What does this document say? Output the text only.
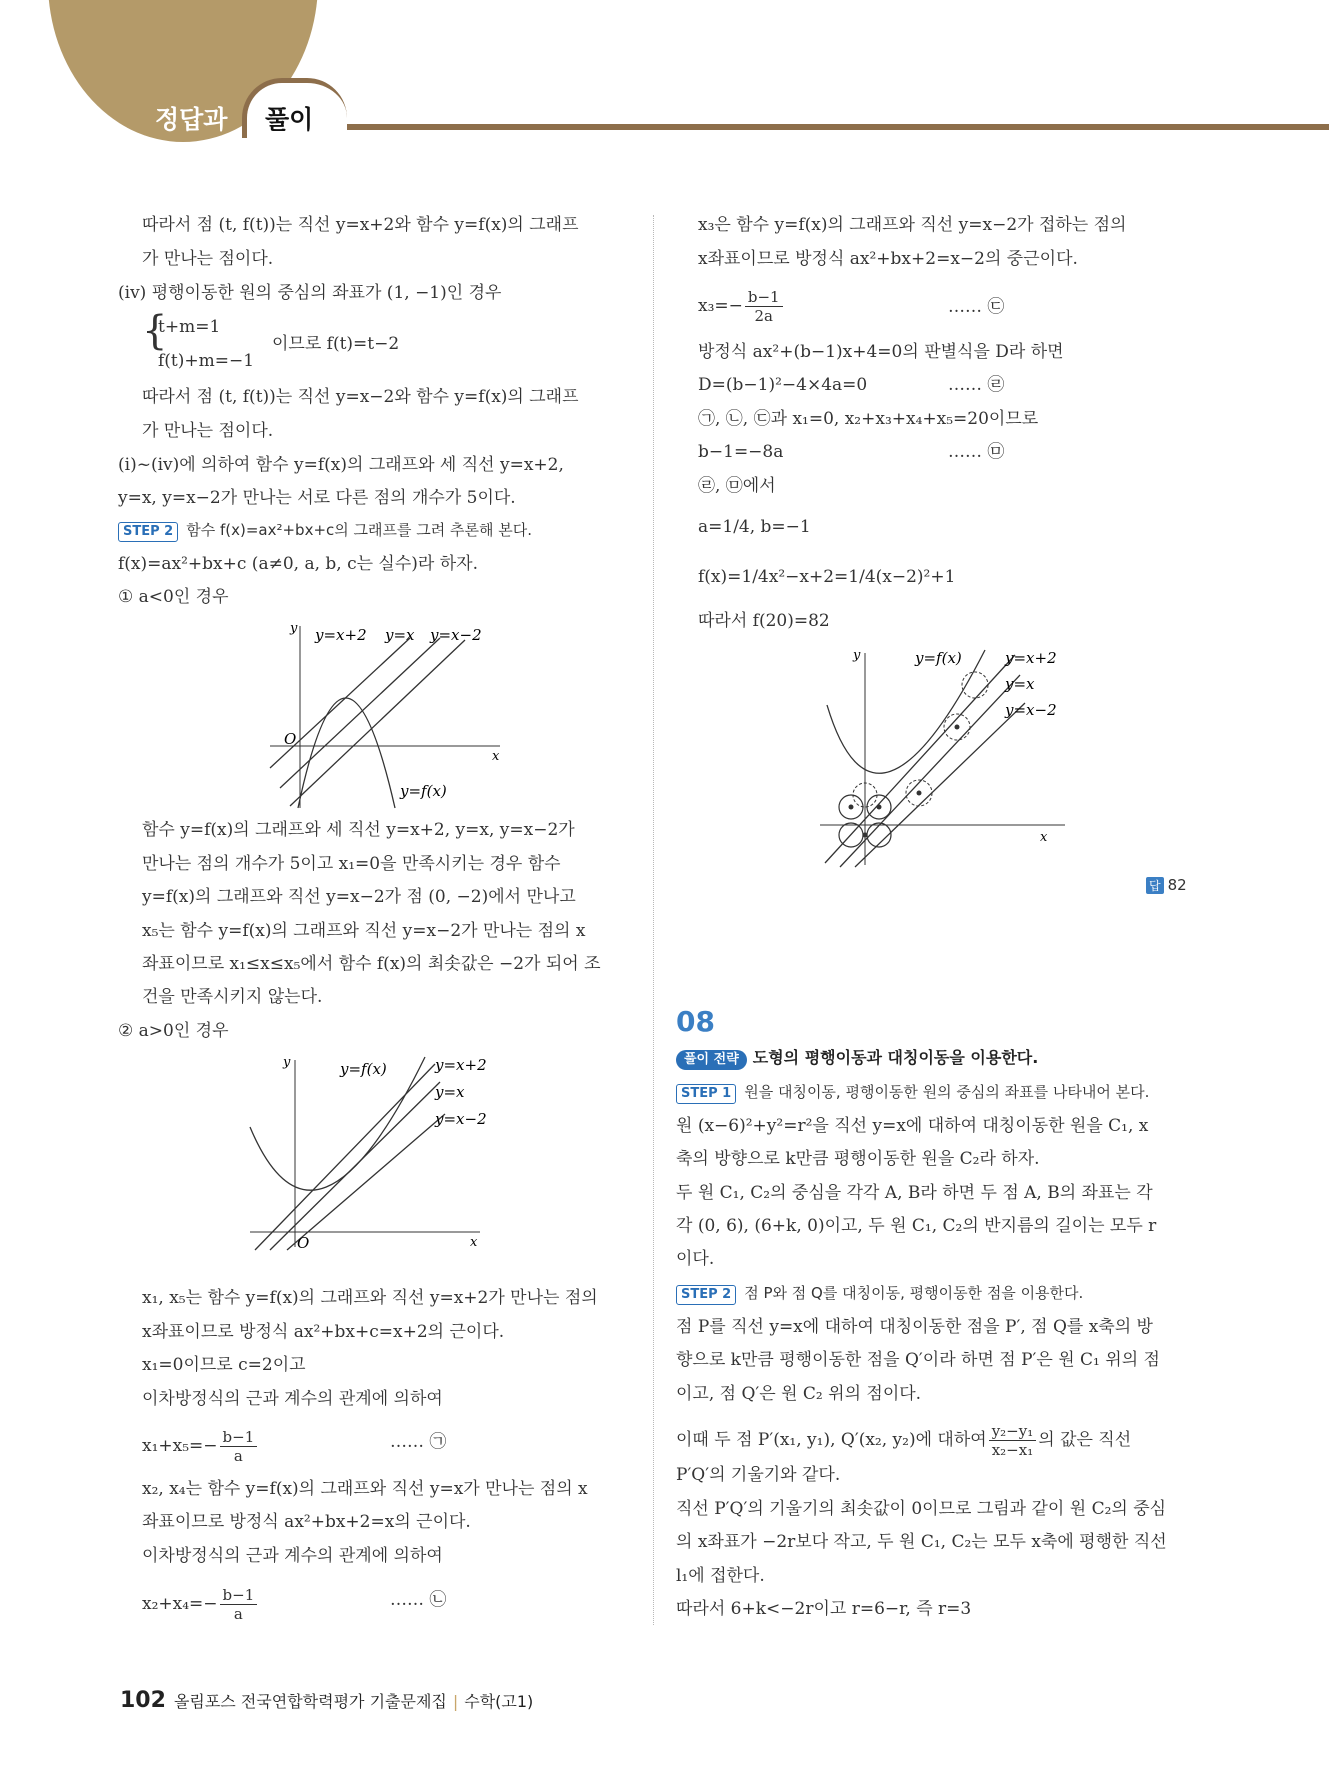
정답과 풀이
따라서 점 (t, f(t))는 직선 y=x+2와 함수 y=f(x)의 그래프
가 만나는 점이다.
(iv) 평행이동한 원의 중심의 좌표가 (1, −1)인 경우
{
t+m=1
f(t)+m=−1
이므로 f(t)=t−2
따라서 점 (t, f(t))는 직선 y=x−2와 함수 y=f(x)의 그래프
가 만나는 점이다.
(i)~(iv)에 의하여 함수 y=f(x)의 그래프와 세 직선 y=x+2,
y=x, y=x−2가 만나는 서로 다른 점의 개수가 5이다.
STEP 2 함수 f(x)=ax²+bx+c의 그래프를 그려 추론해 본다.
f(x)=ax²+bx+c (a≠0, a, b, c는 실수)라 하자.
① a<0인 경우
y=x+2 y=x y=x−2
y
x
O
y=f(x)
함수 y=f(x)의 그래프와 세 직선 y=x+2, y=x, y=x−2가
만나는 점의 개수가 5이고 x₁=0을 만족시키는 경우 함수
y=f(x)의 그래프와 직선 y=x−2가 점 (0, −2)에서 만나고
x₅는 함수 y=f(x)의 그래프와 직선 y=x−2가 만나는 점의 x
좌표이므로 x₁≤x≤x₅에서 함수 f(x)의 최솟값은 −2가 되어 조
건을 만족시키지 않는다.
② a>0인 경우
y=f(x)	y=x+2
y=x
y=x−2
y
x
O
x₁, x₅는 함수 y=f(x)의 그래프와 직선 y=x+2가 만나는 점의
x좌표이므로 방정식 ax²+bx+c=x+2의 근이다.
x₁=0이므로 c=2이고
이차방정식의 근과 계수의 관계에 의하여
$x_1+x_5=- \frac{b-1}{a}$	…… ㉠
x₂, x₄는 함수 y=f(x)의 그래프와 직선 y=x가 만나는 점의 x
좌표이므로 방정식 ax²+bx+2=x의 근이다.
이차방정식의 근과 계수의 관계에 의하여
$x_2+x_4=- \frac{b-1}{a}$	…… ㉡
x₃은 함수 y=f(x)의 그래프와 직선 y=x−2가 접하는 점의
x좌표이므로 방정식 ax²+bx+2=x−2의 중근이다.
$x_3=- \frac{b-1}{2a}$	…… ㉢
방정식 ax²+(b−1)x+4=0의 판별식을 D라 하면
D=(b−1)²−4×4a=0	…… ㉣
㉠, ㉡, ㉢과 x₁=0, x₂+x₃+x₄+x₅=20이므로
b−1=−8a	…… ㉤
㉣, ㉤에서
a=1/4, b=−1
f(x)=1/4x²−x+2=1/4(x−2)²+1
따라서 f(20)=82
y=f(x)	y=x+2
y=x
y=x−2
y
x
답 82
08
풀이 전략 도형의 평행이동과 대칭이동을 이용한다.
STEP 1 원을 대칭이동, 평행이동한 원의 중심의 좌표를 나타내어 본다.
원 (x−6)²+y²=r²을 직선 y=x에 대하여 대칭이동한 원을 C₁, x
축의 방향으로 k만큼 평행이동한 원을 C₂라 하자.
두 원 C₁, C₂의 중심을 각각 A, B라 하면 두 점 A, B의 좌표는 각
각 (0, 6), (6+k, 0)이고, 두 원 C₁, C₂의 반지름의 길이는 모두 r
이다.
STEP 2 점 P와 점 Q를 대칭이동, 평행이동한 점을 이용한다.
점 P를 직선 y=x에 대하여 대칭이동한 점을 P′, 점 Q를 x축의 방
향으로 k만큼 평행이동한 점을 Q′이라 하면 점 P′은 원 C₁ 위의 점
이고, 점 Q′은 원 C₂ 위의 점이다.
이때 두 점 P′(x₁, y₁), Q′(x₂, y₂)에 대하여 $\frac{\text{y₂−y₁}}{\text{x₂−x₁}}$ 의 값은 직선
P′Q′의 기울기와 같다.
직선 P′Q′의 기울기의 최솟값이 0이므로 그림과 같이 원 C₂의 중심
의 x좌표가 −2r보다 작고, 두 원 C₁, C₂는 모두 x축에 평행한 직선
l₁에 접한다.
따라서 6+k<−2r이고 r=6−r, 즉 r=3
102 올림포스 전국연합학력평가 기출문제집 | 수학(고1)
